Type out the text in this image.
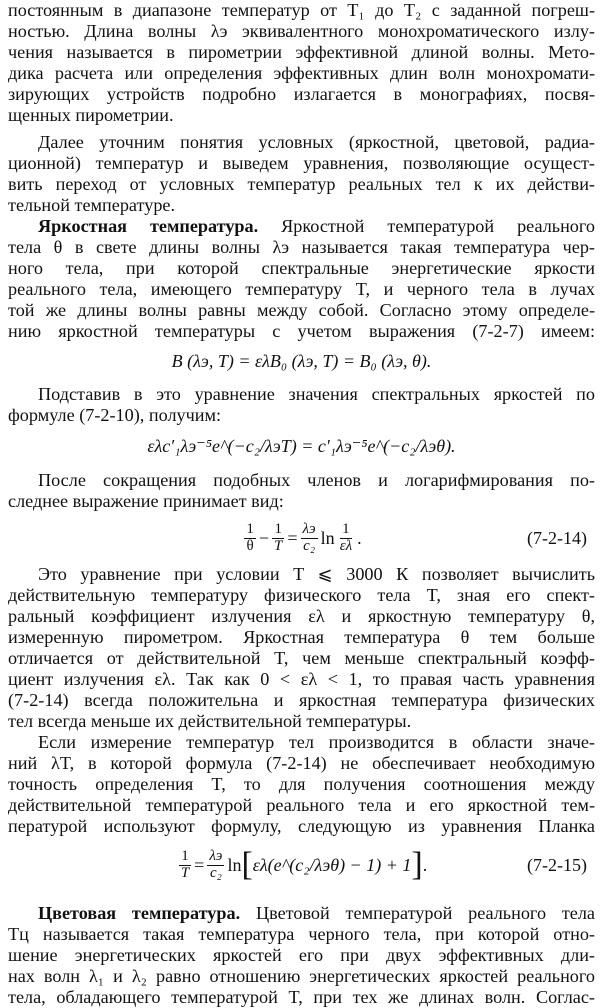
постоянным в диапазоне температур от T₁ до T₂ с заданной погреш-
ностью. Длина волны λэ эквивалентного монохроматического излу-
чения называется в пирометрии эффективной длиной волны. Мето-
дика расчета или определения эффективных длин волн монохромати-
зирующих устройств подробно излагается в монографиях, посвя-
щенных пирометрии.
Далее уточним понятия условных (яркостной, цветовой, радиа-
ционной) температур и выведем уравнения, позволяющие осущест-
вить переход от условных температур реальных тел к их действи-
тельной температуре.
Яркостная температура. Яркостной температурой реального
тела θ в свете длины волны λэ называется такая температура чер-
ного тела, при которой спектральные энергетические яркости
реального тела, имеющего температуру T, и черного тела в лучах
той же длины волны равны между собой. Согласно этому определе-
нию яркостной температуры с учетом выражения (7-2-7) имеем:
B (λэ, T) = ελB₀ (λэ, T) = B₀ (λэ, θ).
Подставив в это уравнение значения спектральных яркостей по
формуле (7-2-10), получим:
ελc′₁λэ⁻⁵e^(−c₂/λэT) = c′₁λэ⁻⁵e^(−c₂/λэθ).
После сокращения подобных членов и логарифмирования по-
следнее выражение принимает вид:
$\frac{1}{\theta} - \frac{1}{T} = \frac{\lambda э}{\text{c₂}}$ $\ln \frac{1}{\varepsilon\lambda}$ .	(7-2-14)
Это уравнение при условии T ⩽ 3000 К позволяет вычислить
действительную температуру физического тела T, зная его спект-
ральный коэффициент излучения ελ и яркостную температуру θ,
измеренную пирометром. Яркостная температура θ тем больше
отличается от действительной T, чем меньше спектральный коэфф-
циент излучения ελ. Так как 0 < ελ < 1, то правая часть уравнения
(7-2-14) всегда положительна и яркостная температура физических
тел всегда меньше их действительной температуры.
Если измерение температур тел производится в области значе-
ний λT, в которой формула (7-2-14) не обеспечивает необходимую
точность определения T, то для получения соотношения между
действительной температурой реального тела и его яркостной тем-
пературой используют формулу, следующую из уравнения Планка
$\frac{1}{T} = \frac{\lambda э}{\text{c₂}}$ ln [ ελ(e^(c₂/λэθ) − 1) + 1 ] .	(7-2-15)
Цветовая температура. Цветовой температурой реального тела
Tц называется такая температура черного тела, при которой отно-
шение энергетических яркостей его при двух эффективных дли-
нах волн λ₁ и λ₂ равно отношению энергетических яркостей реального
тела, обладающего температурой T, при тех же длинах волн. Соглас-
